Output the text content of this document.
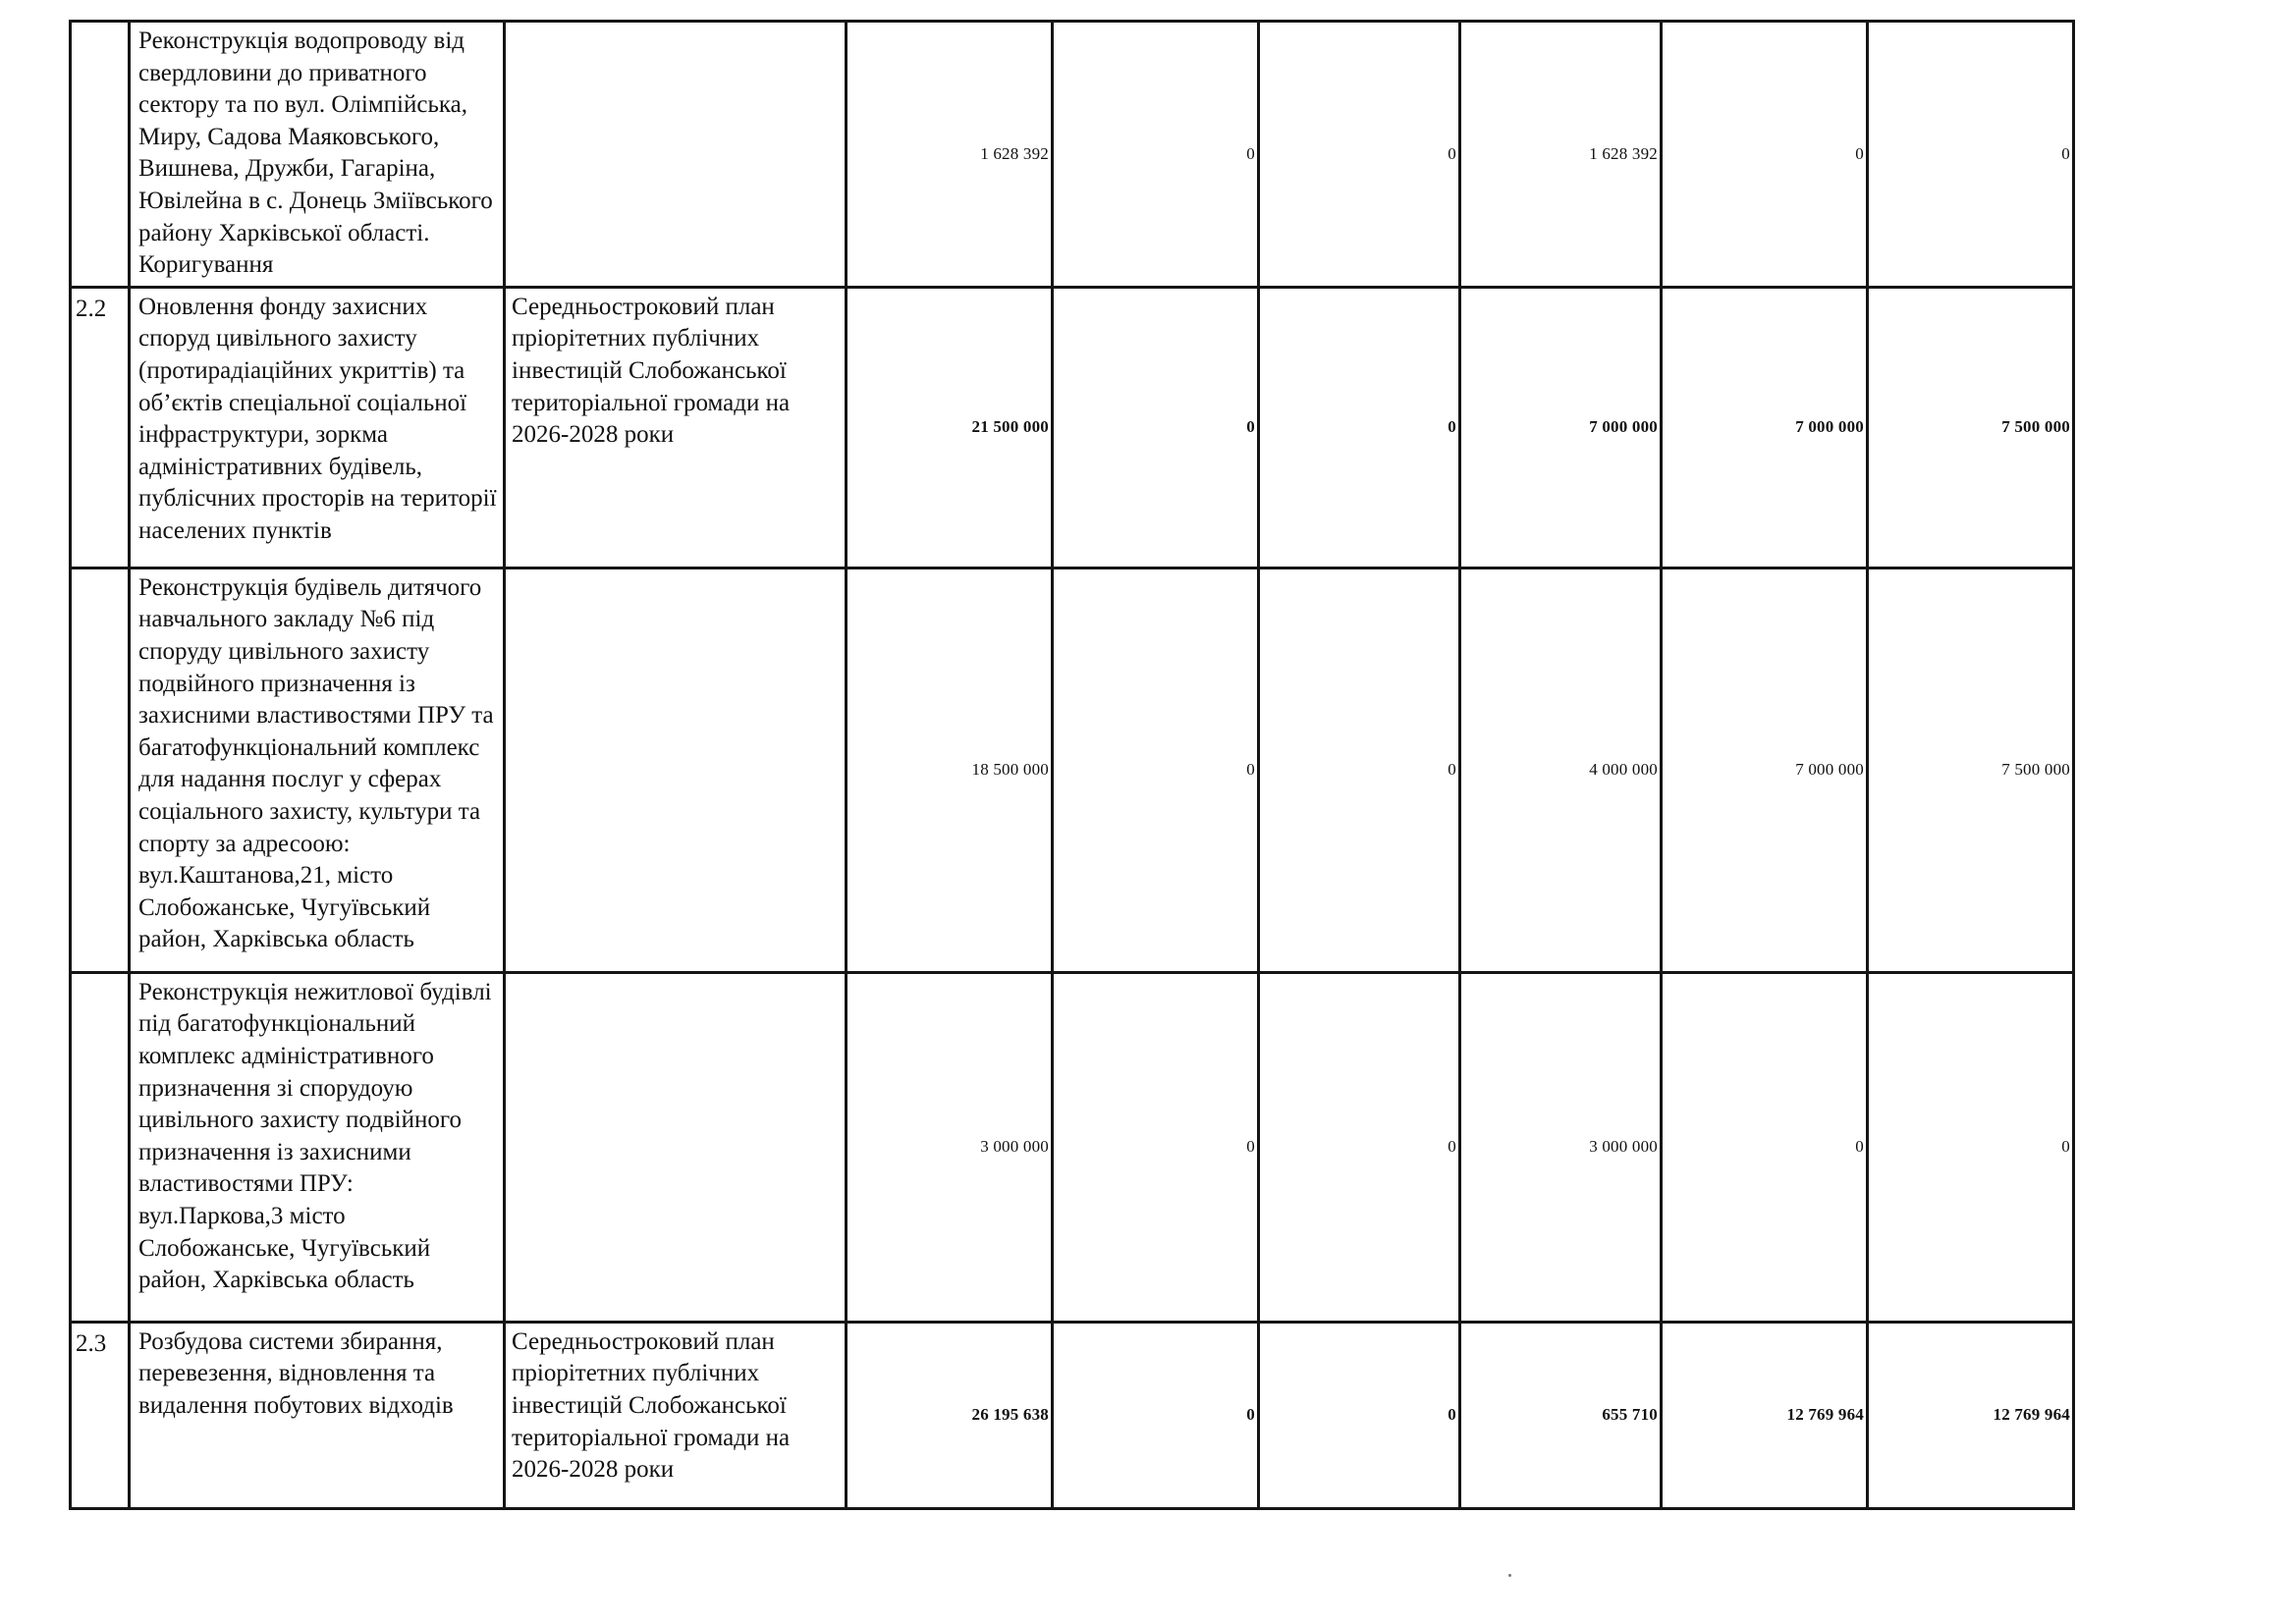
	Реконструкція водопроводу від свердловини до приватного сектору та по вул. Олімпійська, Миру, Садова Маяковського, Вишнева, Дружби, Гагаріна, Ювілейна в с. Донець Зміївського району Харківської області. Коригування		1 628 392	0	0	1 628 392	0	0
2.2	Оновлення фонду захисних споруд цивільного захисту (протирадіаційних укриттів) та об’єктів спеціальної соціальної інфраструктури, зоркма адміністративних будівель, публісчних просторів на території населених пунктів	Середньостроковий план пріорітетних публічних інвестицій Слобожанської територіальної громади на 2026-2028 роки	21 500 000	0	0	7 000 000	7 000 000	7 500 000
	Реконструкція будівель дитячого навчального закладу №6 під споруду цивільного захисту подвійного призначення із захисними властивостями ПРУ та багатофункціональний комплекс для надання послуг у сферах соціального захисту, культури та спорту за адресоою: вул.Каштанова,21, місто Слобожанське, Чугуївський район, Харківська область		18 500 000	0	0	4 000 000	7 000 000	7 500 000
	Реконструкція нежитлової будівлі під багатофункціональний комплекс адміністративного призначення зі спорудоую цивільного захисту подвійного призначення із захисними властивостями ПРУ: вул.Паркова,3 місто Слобожанське, Чугуївський район, Харківська область		3 000 000	0	0	3 000 000	0	0
2.3	Розбудова системи збирання, перевезення, відновлення та видалення побутових відходів	Середньостроковий план пріорітетних публічних інвестицій Слобожанської територіальної громади на 2026-2028 роки	26 195 638	0	0	655 710	12 769 964	12 769 964
